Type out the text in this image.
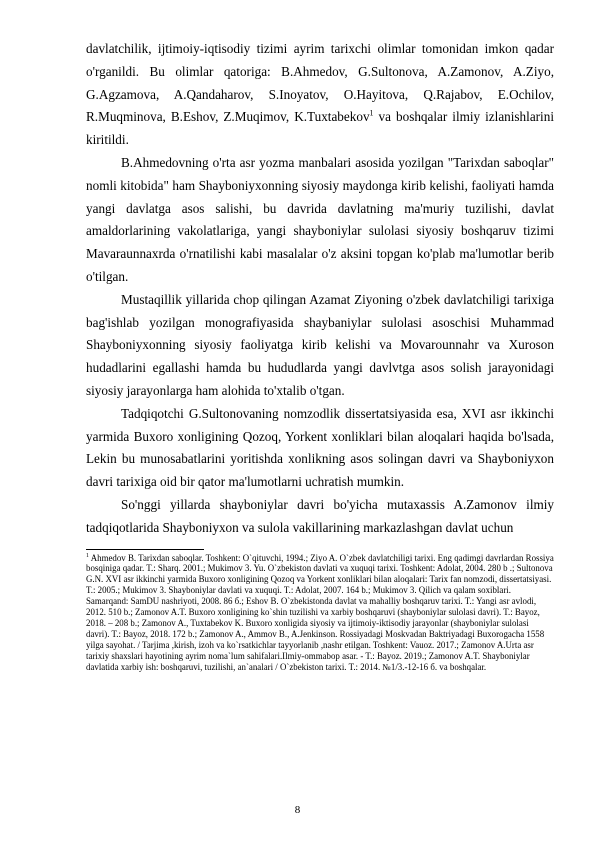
davlatchilik, ijtimoiy-iqtisodiy tizimi ayrim tarixchi olimlar tomonidan imkon qadar o'rganildi. Bu olimlar qatoriga: B.Ahmedov, G.Sultonova, A.Zamonov, A.Ziyo, G.Agzamova, A.Qandaharov, S.Inoyatov, O.Hayitova, Q.Rajabov, E.Ochilov, R.Muqminova, B.Eshov, Z.Muqimov, K.Tuxtabekov$^1$ va boshqalar ilmiy izlanishlarini kiritildi.

B.Ahmedovning o'rta asr yozma manbalari asosida yozilgan "Tarixdan saboqlar" nomli kitobida" ham Shayboniyxonning siyosiy maydonga kirib kelishi, faoliyati hamda yangi davlatga asos salishi, bu davrida davlatning ma'muriy tuzilishi, davlat amaldorlarining vakolatlariga, yangi shayboniylar sulolasi siyosiy boshqaruv tizimi Mavaraunnaxrda o'rnatilishi kabi masalalar o'z aksini topgan ko'plab ma'lumotlar berib o'tilgan.

Mustaqillik yillarida chop qilingan Azamat Ziyoning o'zbek davlatchiligi tarixiga bag'ishlab yozilgan monografiyasida shaybaniylar sulolasi asoschisi Muhammad Shayboniyxonning siyosiy faoliyatga kirib kelishi va Movarounnahr va Xuroson hudadlarini egallashi hamda bu hududlarda yangi davlvtga asos solish jarayonidagi siyosiy jarayonlarga ham alohida to'xtalib o'tgan.

Tadqiqotchi G.Sultonovaning nomzodlik dissertatsiyasida esa, XVI asr ikkinchi yarmida Buxoro xonligining Qozoq, Yorkent xonliklari bilan aloqalari haqida bo'lsada, Lekin bu munosabatlarini yoritishda xonlikning asos solingan davri va Shayboniyxon davri tarixiga oid bir qator ma'lumotlarni uchratish mumkin.

So'nggi yillarda shayboniylar davri bo'yicha mutaxassis A.Zamonov ilmiy tadqiqotlarida Shayboniyxon va sulola vakillarining markazlashgan davlat uchun

$^1$ Ahmedov B. Tarixdan saboqlar. Toshkent: O`qituvchi, 1994.; Ziyo A. O`zbek davlatchiligi tarixi. Eng qadimgi davrlardan Rossiya bosqiniga qadar. T.: Sharq. 2001.; Mukimov 3. Yu. O`zbekiston davlati va xuquqi tarixi. Toshkent: Adolat, 2004. 280 b .; Sultonova G.N. XVI asr ikkinchi yarmida Buxoro xonligining Qozoq va Yorkent xonliklari bilan aloqalari: Tarix fan nomzodi, dissertatsiyasi. T.: 2005.; Mukimov 3. Shayboniylar davlati va xuquqi. T.: Adolat, 2007. 164 b.; Mukimov 3. Qilich va qalam soxiblari. Samarqand: SamDU nashriyoti, 2008. 86 б.; Eshov B. O`zbekistonda davlat va mahalliy boshqaruv tarixi. T.: Yangi asr avlodi, 2012. 510 b.; Zamonov A.T. Buxoro xonligining ko`shin tuzilishi va xarbiy boshqaruvi (shayboniylar sulolasi davri). T.: Bayoz, 2018. – 208 b.; Zamonov A., Tuxtabekov K. Buxoro xonligida siyosiy va ijtimoiy-iktisodiy jarayonlar (shayboniylar sulolasi davri). T.: Bayoz, 2018. 172 b.; Zamonov A., Ammov B., A.Jenkinson. Rossiyadagi Moskvadan Baktriyadagi Buxorogacha 1558 yilga sayohat. / Tarjima ,kirish, izoh va ko`rsatkichlar tayyorlanib ,nashr etilgan. Toshkent: Vauoz. 2017.; Zamonov A.Urta asr tarixiy shaxslari hayotining ayrim noma`lum sahifalari.Ilmiy-ommabop asar. - T.: Bayoz. 2019.; Zamonov A.T. Shayboniylar davlatida xarbiy ish: boshqaruvi, tuzilishi, an`analari / O`zbekiston tarixi. T.: 2014. №1/3.-12-16 б. va boshqalar.

8
